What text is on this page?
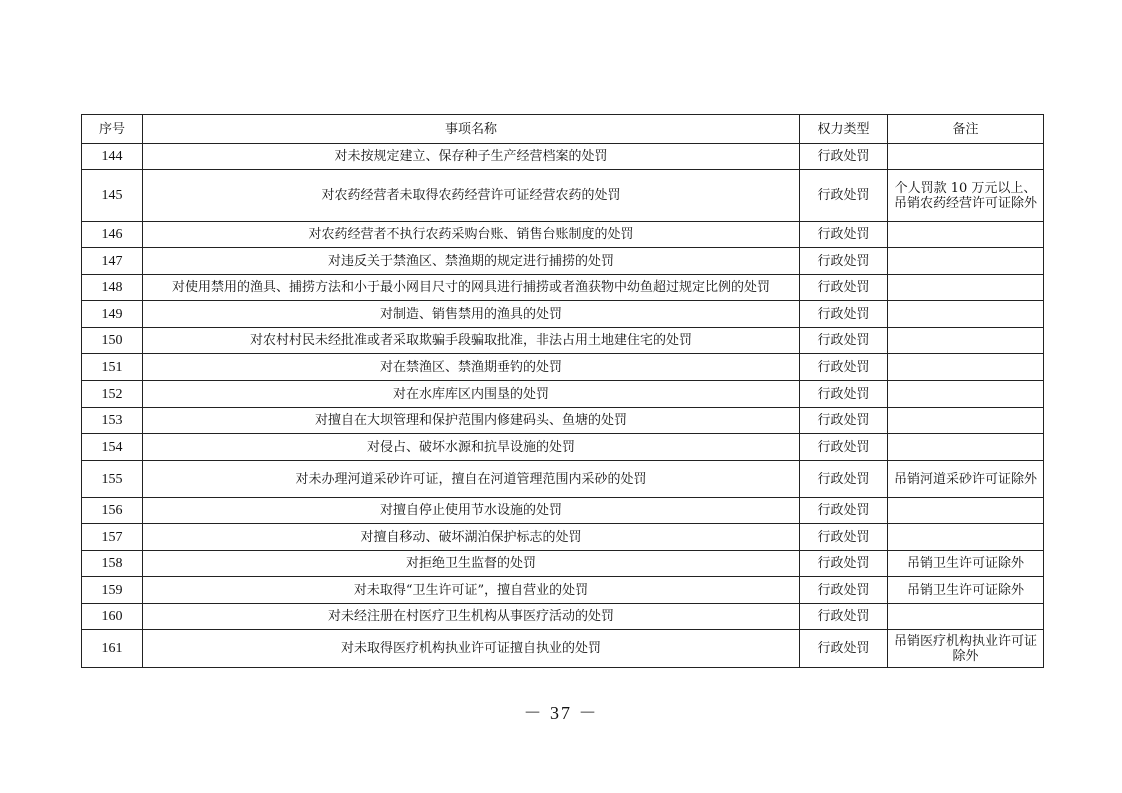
序号	事项名称	权力类型	备注
144	对未按规定建立、保存种子生产经营档案的处罚	行政处罚	
145	对农药经营者未取得农药经营许可证经营农药的处罚	行政处罚	个人罚款 10 万元以上、吊销农药经营许可证除外
146	对农药经营者不执行农药采购台账、销售台账制度的处罚	行政处罚	
147	对违反关于禁渔区、禁渔期的规定进行捕捞的处罚	行政处罚	
148	对使用禁用的渔具、捕捞方法和小于最小网目尺寸的网具进行捕捞或者渔获物中幼鱼超过规定比例的处罚	行政处罚	
149	对制造、销售禁用的渔具的处罚	行政处罚	
150	对农村村民未经批准或者采取欺骗手段骗取批准，非法占用土地建住宅的处罚	行政处罚	
151	对在禁渔区、禁渔期垂钓的处罚	行政处罚	
152	对在水库库区内围垦的处罚	行政处罚	
153	对擅自在大坝管理和保护范围内修建码头、鱼塘的处罚	行政处罚	
154	对侵占、破坏水源和抗旱设施的处罚	行政处罚	
155	对未办理河道采砂许可证，擅自在河道管理范围内采砂的处罚	行政处罚	吊销河道采砂许可证除外
156	对擅自停止使用节水设施的处罚	行政处罚	
157	对擅自移动、破坏湖泊保护标志的处罚	行政处罚	
158	对拒绝卫生监督的处罚	行政处罚	吊销卫生许可证除外
159	对未取得“卫生许可证”，擅自营业的处罚	行政处罚	吊销卫生许可证除外
160	对未经注册在村医疗卫生机构从事医疗活动的处罚	行政处罚	
161	对未取得医疗机构执业许可证擅自执业的处罚	行政处罚	吊销医疗机构执业许可证除外
－ 37 －
